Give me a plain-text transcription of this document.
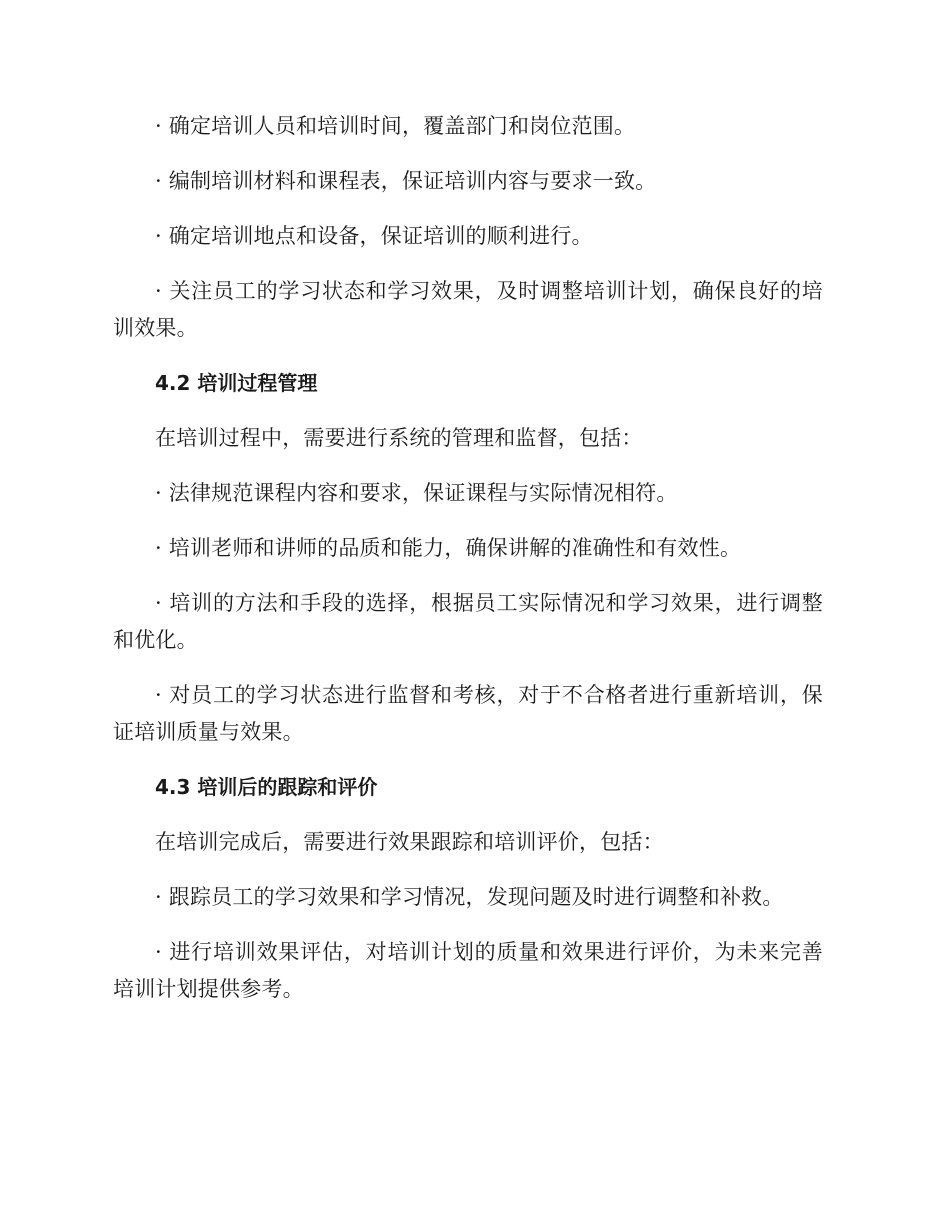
· 确定培训人员和培训时间，覆盖部门和岗位范围。

· 编制培训材料和课程表，保证培训内容与要求一致。

· 确定培训地点和设备，保证培训的顺利进行。

· 关注员工的学习状态和学习效果，及时调整培训计划，确保良好的培训效果。

4.2 培训过程管理

在培训过程中，需要进行系统的管理和监督，包括：

· 法律规范课程内容和要求，保证课程与实际情况相符。

· 培训老师和讲师的品质和能力，确保讲解的准确性和有效性。

· 培训的方法和手段的选择，根据员工实际情况和学习效果，进行调整和优化。

· 对员工的学习状态进行监督和考核，对于不合格者进行重新培训，保证培训质量与效果。

4.3 培训后的跟踪和评价

在培训完成后，需要进行效果跟踪和培训评价，包括：

· 跟踪员工的学习效果和学习情况，发现问题及时进行调整和补救。

· 进行培训效果评估，对培训计划的质量和效果进行评价，为未来完善培训计划提供参考。
